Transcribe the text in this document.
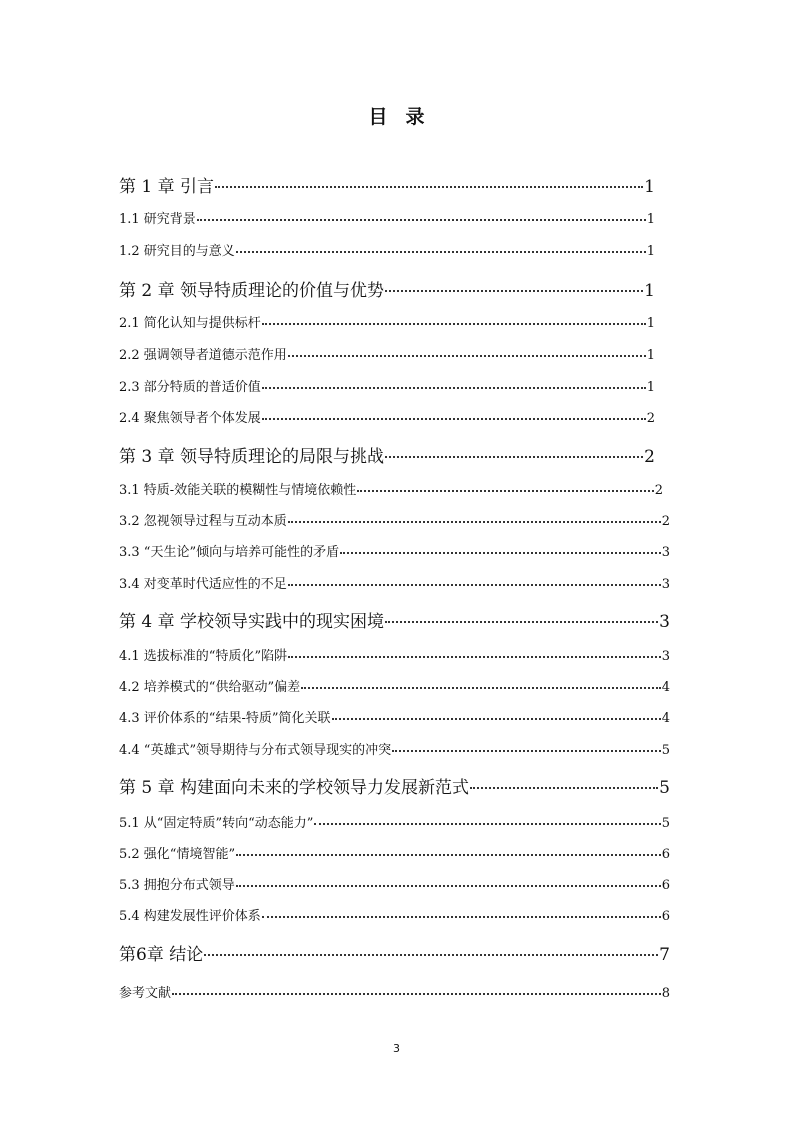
目录
第 1 章 引言	1
1.1 研究背景	1
1.2 研究目的与意义	1
第 2 章 领导特质理论的价值与优势	1
2.1 简化认知与提供标杆	1
2.2 强调领导者道德示范作用	1
2.3 部分特质的普适价值	1
2.4 聚焦领导者个体发展	2
第 3 章 领导特质理论的局限与挑战	2
3.1 特质-效能关联的模糊性与情境依赖性	2
3.2 忽视领导过程与互动本质	2
3.3 “天生论”倾向与培养可能性的矛盾	3
3.4 对变革时代适应性的不足	3
第 4 章 学校领导实践中的现实困境	3
4.1 选拔标准的“特质化”陷阱	3
4.2 培养模式的“供给驱动”偏差	4
4.3 评价体系的“结果-特质”简化关联	4
4.4 “英雄式”领导期待与分布式领导现实的冲突	5
第 5 章 构建面向未来的学校领导力发展新范式	5
5.1 从“固定特质”转向“动态能力”	5
5.2 强化“情境智能”	6
5.3 拥抱分布式领导	6
5.4 构建发展性评价体系	6
第6章 结论	7
参考文献	8
3
